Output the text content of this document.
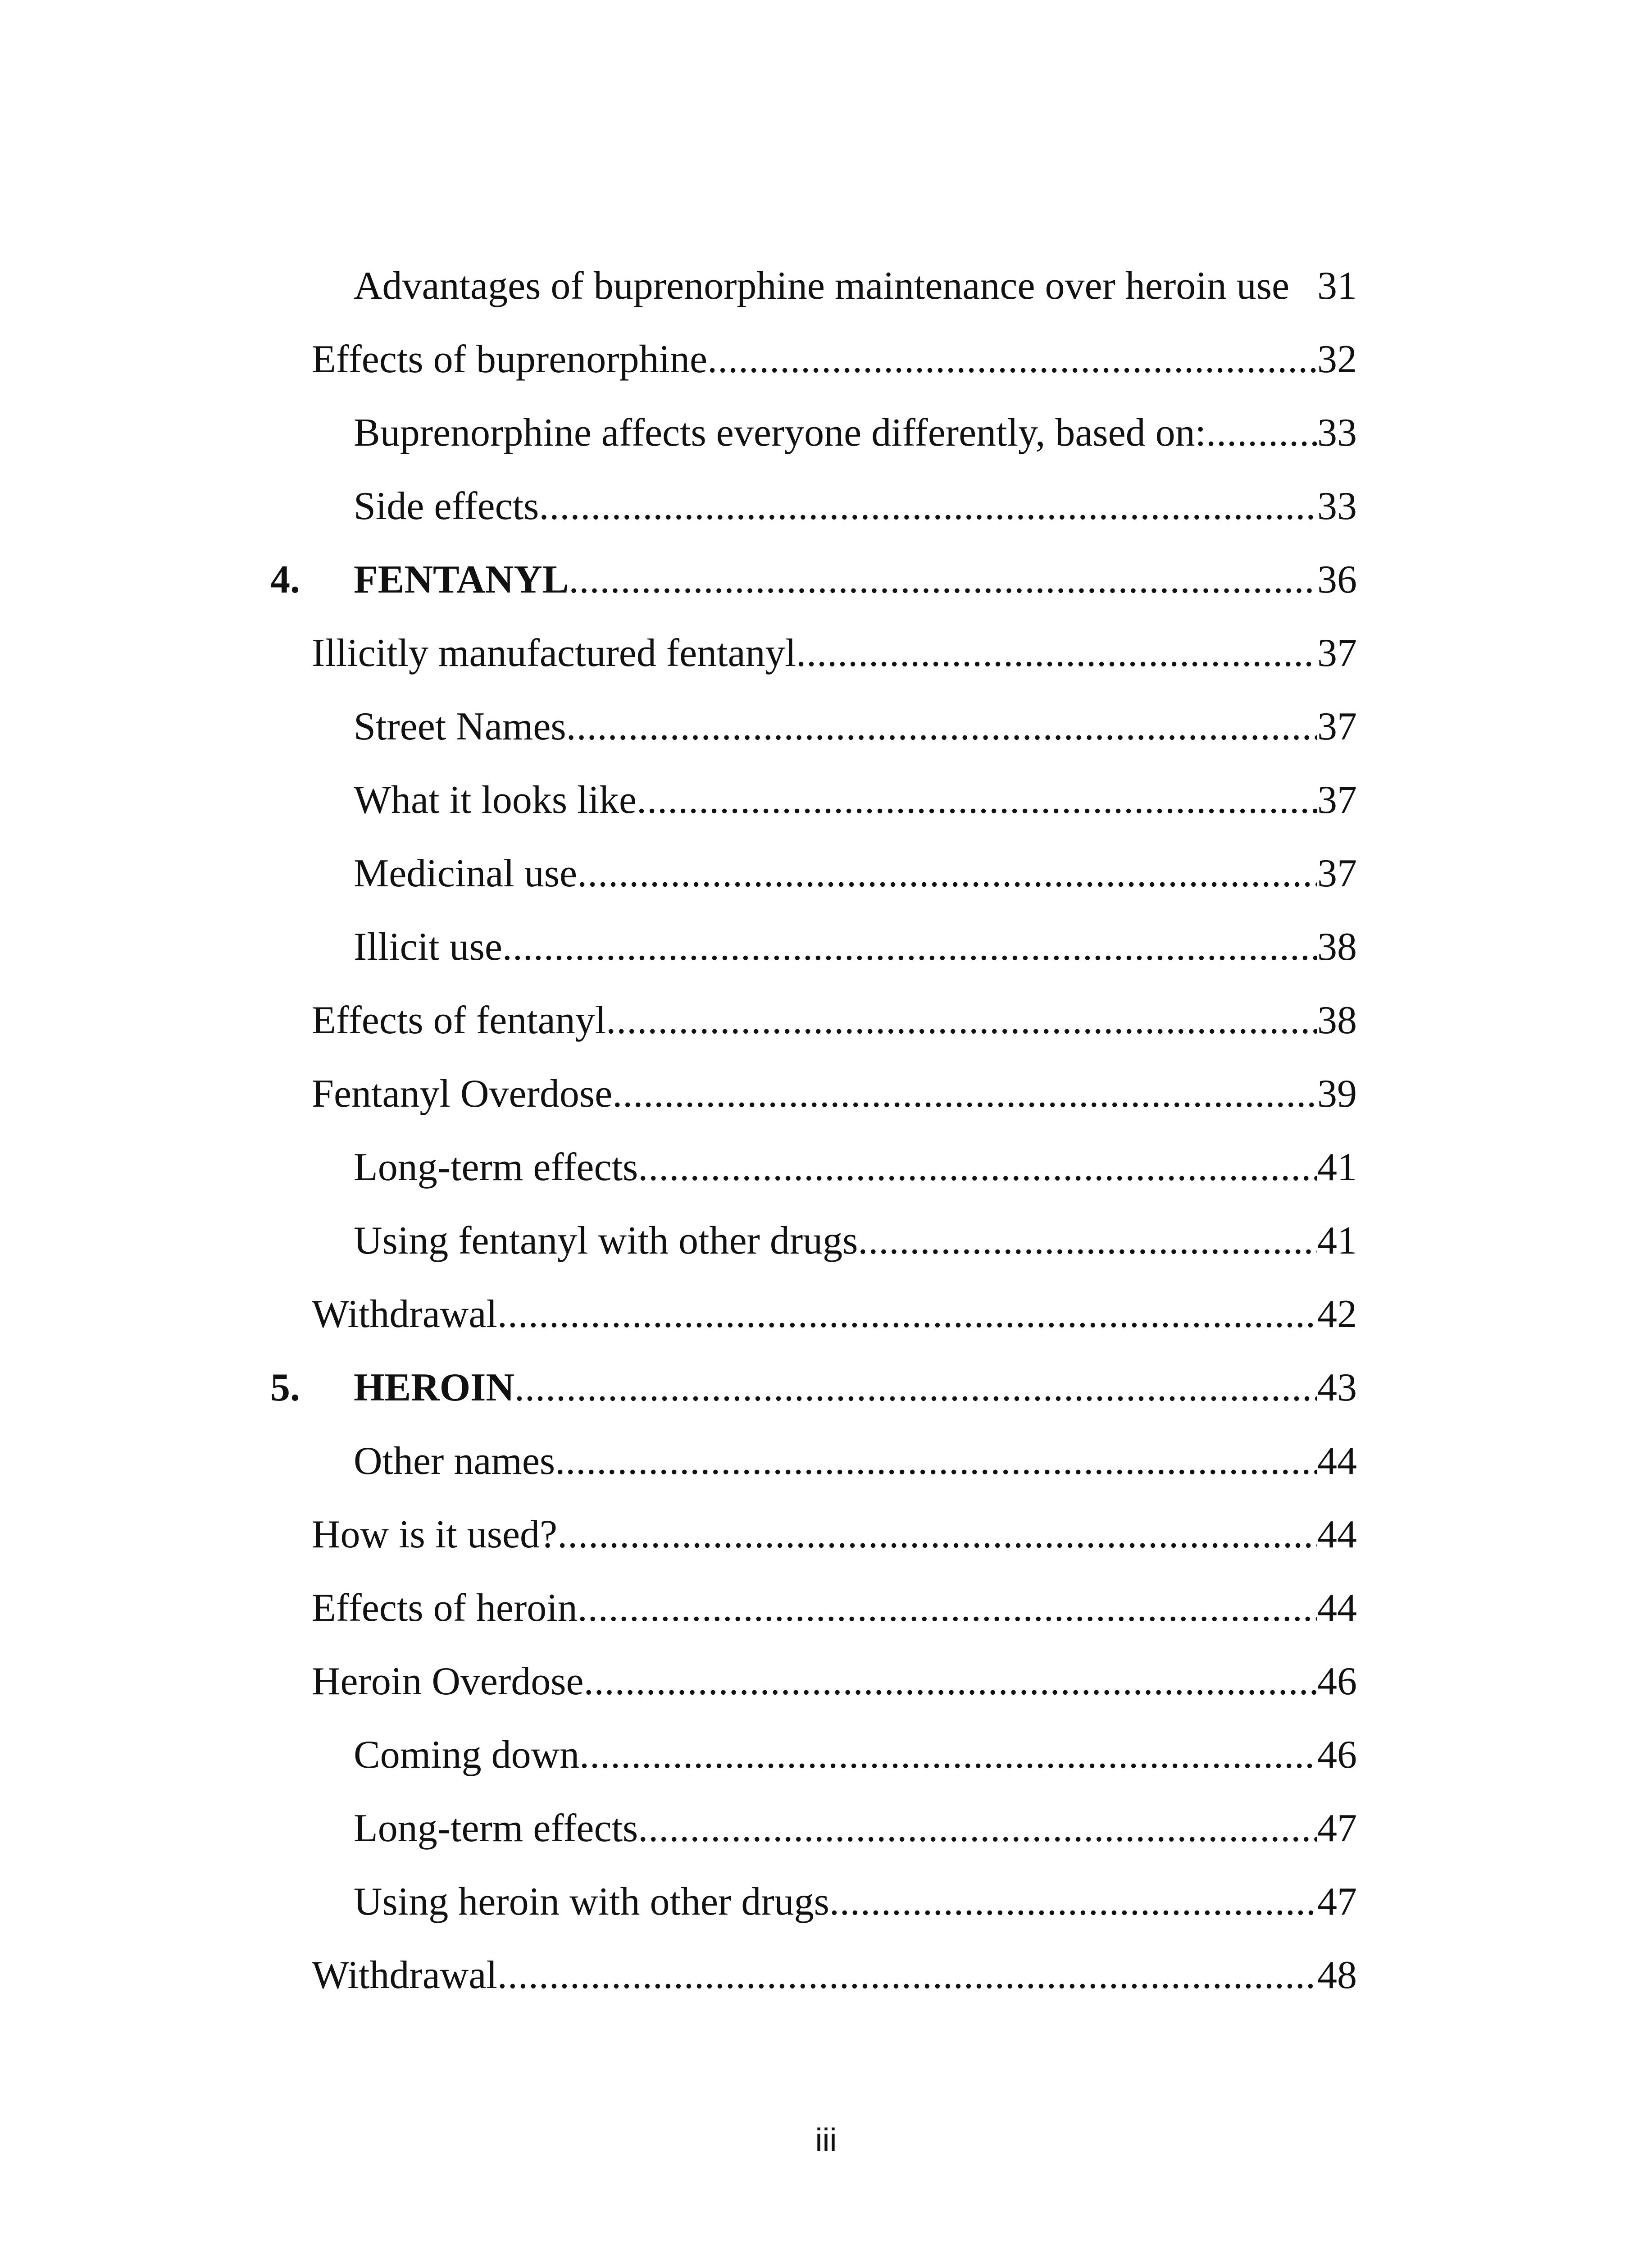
Advantages of buprenorphine maintenance over heroin use 31
Effects of buprenorphine .....	32
Buprenorphine affects everyone differently, based on: .....	33
Side effects .....	33
4.	FENTANYL .....	36
Illicitly manufactured fentanyl .....	37
Street Names .....	37
What it looks like .....	37
Medicinal use .....	37
Illicit use .....	38
Effects of fentanyl .....	38
Fentanyl Overdose .....	39
Long-term effects .....	41
Using fentanyl with other drugs .....	41
Withdrawal .....	42
5.	HEROIN .....	43
Other names .....	44
How is it used? .....	44
Effects of heroin .....	44
Heroin Overdose .....	46
Coming down .....	46
Long-term effects .....	47
Using heroin with other drugs .....	47
Withdrawal .....	48
iii
